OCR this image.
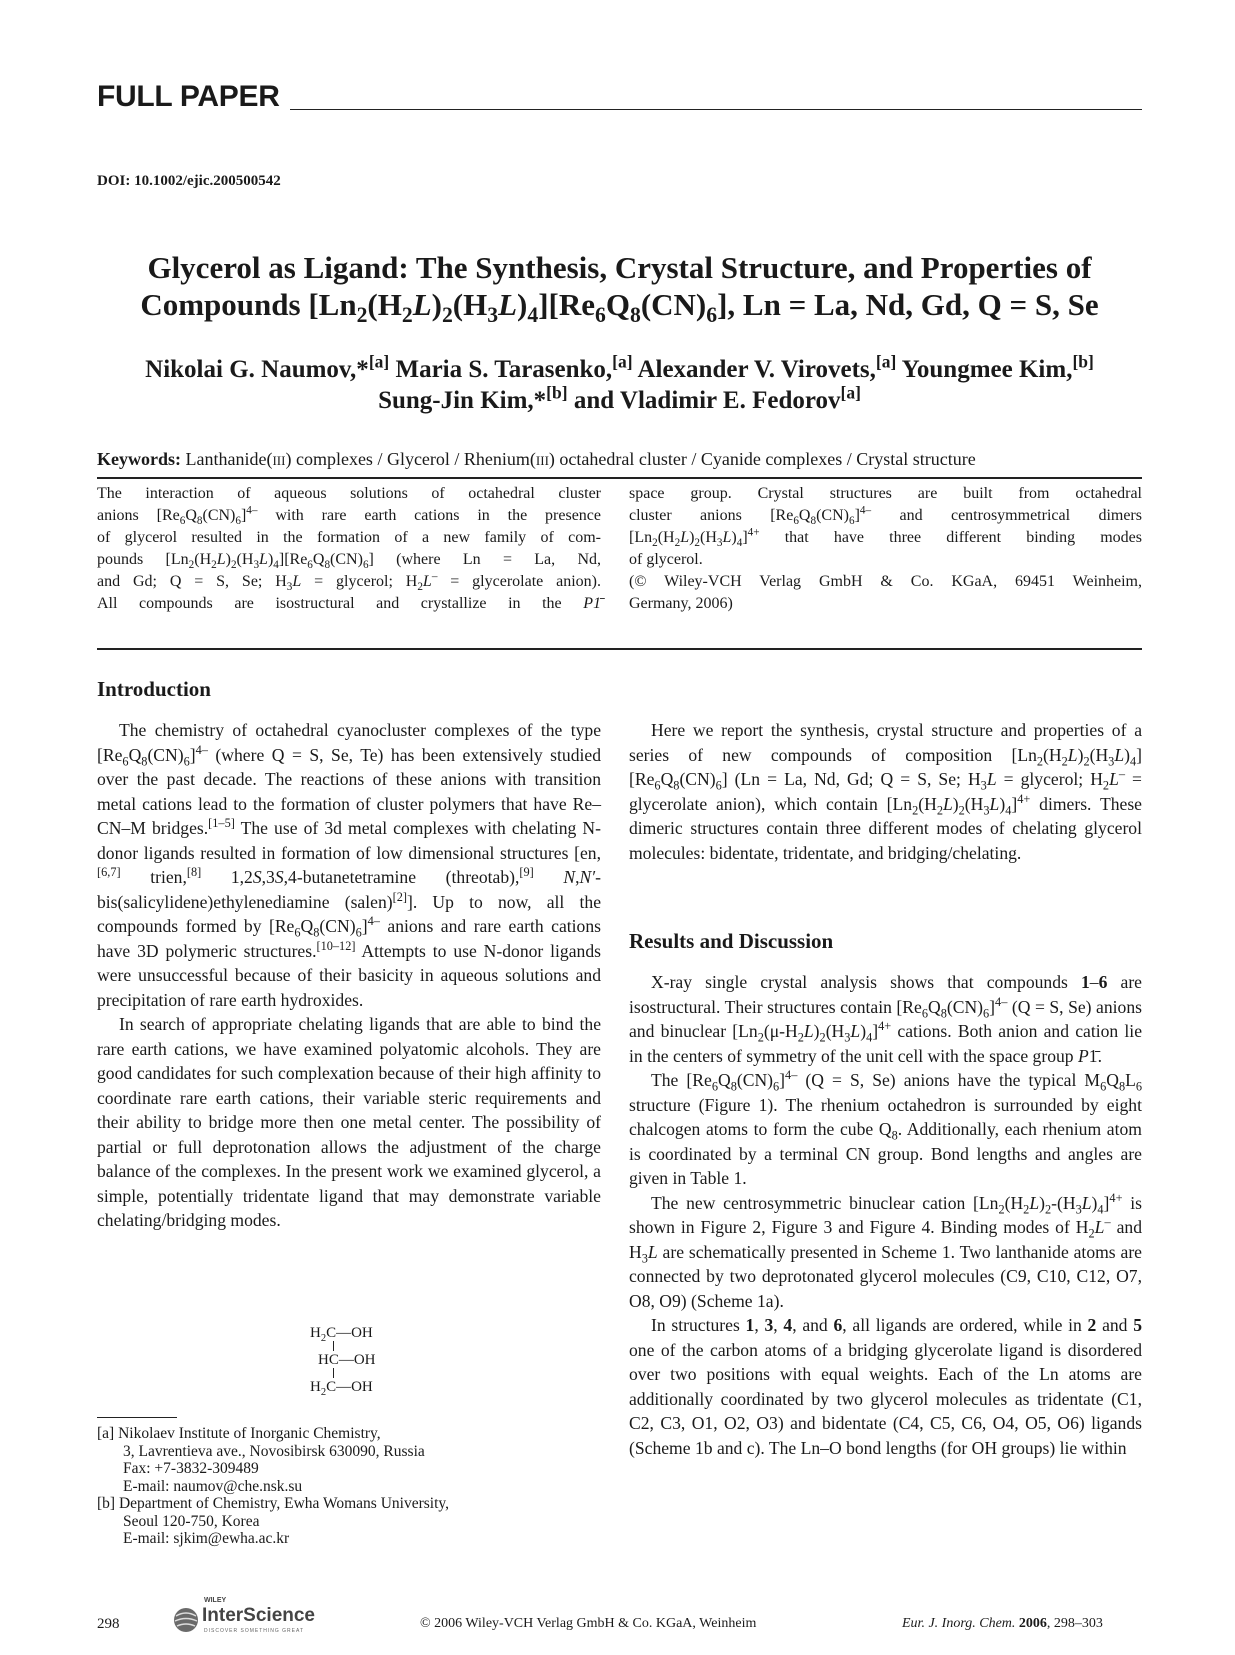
FULL PAPER
DOI: 10.1002/ejic.200500542
Glycerol as Ligand: The Synthesis, Crystal Structure, and Properties of
Compounds $[Ln_2(H_2L)_2(H_3L)_4][Re_6Q_8(CN)_6]$, Ln = La, Nd, Gd, Q = S, Se
Nikolai G. Naumov,*[a] Maria S. Tarasenko,[a] Alexander V. Virovets,[a] Youngmee Kim,[b]
Sung-Jin Kim,*[b] and Vladimir E. Fedorov[a]
Keywords: Lanthanide(III) complexes / Glycerol / Rhenium(III) octahedral cluster / Cyanide complexes / Crystal structure

The interaction of aqueous solutions of octahedral cluster

anions $[Re_6Q_8(CN)_6]^{4-}$ with rare earth cations in the presence

of glycerol resulted in the formation of a new family of com-

pounds $[Ln_2(H_2L)_2(H_3L)_4][Re_6Q_8(CN)_6]$ (where Ln = La, Nd,

and Gd; Q = S, Se; $H_3L$ = glycerol; $H_2L^-$ = glycerolate anion).

All compounds are isostructural and crystallize in the P1̄

space group. Crystal structures are built from octahedral

cluster anions $[Re_6Q_8(CN)_6]^{4-}$ and centrosymmetrical dimers

$[Ln_2(H_2L)_2(H_3L)_4]^{4+}$ that have three different binding modes

of glycerol.

(© Wiley-VCH Verlag GmbH & Co. KGaA, 69451 Weinheim,

Germany, 2006)

Introduction

The chemistry of octahedral cyanocluster complexes of the type $[Re_6Q_8(CN)_6]^{4-}$ (where Q = S, Se, Te) has been extensively studied over the past decade. The reactions of these anions with transition metal cations lead to the formation of cluster polymers that have Re–CN–M bridges.[1–5] The use of 3d metal complexes with chelating N-donor ligands resulted in formation of low dimensional structures [en,[6,7] trien,[8] 1,2S,3S,4-butanetetramine (threotab),[9] N,N′-bis(salicylidene)ethylenediamine (salen)[2]]. Up to now, all the compounds formed by $[Re_6Q_8(CN)_6]^{4-}$ anions and rare earth cations have 3D polymeric structures.[10–12] Attempts to use N-donor ligands were unsuccessful because of their basicity in aqueous solutions and precipitation of rare earth hydroxides.

In search of appropriate chelating ligands that are able to bind the rare earth cations, we have examined polyatomic alcohols. They are good candidates for such complexation because of their high affinity to coordinate rare earth cations, their variable steric requirements and their ability to bridge more then one metal center. The possibility of partial or full deprotonation allows the adjustment of the charge balance of the complexes. In the present work we examined glycerol, a simple, potentially tridentate ligand that may demonstrate variable chelating/bridging modes.

$H_2C—OH$
HC—OH
$H_2C—OH$
[a] Nikolaev Institute of Inorganic Chemistry,
3, Lavrentieva ave., Novosibirsk 630090, Russia
Fax: +7-3832-309489
E-mail: naumov@che.nsk.su
[b] Department of Chemistry, Ewha Womans University,
Seoul 120-750, Korea
E-mail: sjkim@ewha.ac.kr

Here we report the synthesis, crystal structure and properties of a series of new compounds of composition $[Ln_2(H_2L)_2(H_3L)_4][Re_6Q_8(CN)_6] (Ln = La$, Nd, Gd; Q = S, Se; $H_3L$ = glycerol; $H_2L^-$ = glycerolate anion), which contain $[Ln_2(H_2L)_2(H_3L)_4]^{4+}$ dimers. These dimeric structures contain three different modes of chelating glycerol molecules: bidentate, tridentate, and bridging/chelating.

Results and Discussion

X-ray single crystal analysis shows that compounds 1–6 are isostructural. Their structures contain $[Re_6Q_8(CN)_6]^{4-}$ (Q = S, Se) anions and binuclear $[Ln_2(\mu-H_2L)_2(H_3L)_4]^{4+}$ cations. Both anion and cation lie in the centers of symmetry of the unit cell with the space group P1̄.

The $[Re_6Q_8(CN)_6]^{4-}$ (Q = S, Se) anions have the typical $M_6Q_8L_6$ structure (Figure 1). The rhenium octahedron is surrounded by eight chalcogen atoms to form the cube $Q_8$. Additionally, each rhenium atom is coordinated by a terminal CN group. Bond lengths and angles are given in Table 1.

The new centrosymmetric binuclear cation $[Ln_2(H_2L)_2-(H_3L)_4]^{4+}$ is shown in Figure 2, Figure 3 and Figure 4. Binding modes of $H_2L^-$ and $H_3L$ are schematically presented in Scheme 1. Two lanthanide atoms are connected by two deprotonated glycerol molecules (C9, C10, C12, O7, O8, O9) (Scheme 1a).

In structures 1, 3, 4, and 6, all ligands are ordered, while in 2 and 5 one of the carbon atoms of a bridging glycerolate ligand is disordered over two positions with equal weights. Each of the Ln atoms are additionally coordinated by two glycerol molecules as tridentate (C1, C2, C3, O1, O2, O3) and bidentate (C4, C5, C6, O4, O5, O6) ligands (Scheme 1b and c). The Ln–O bond lengths (for OH groups) lie within

298
WILEY
InterScience
DISCOVER SOMETHING GREAT	© 2006 Wiley-VCH Verlag GmbH & Co. KGaA, Weinheim	Eur. J. Inorg. Chem. 2006, 298–303
